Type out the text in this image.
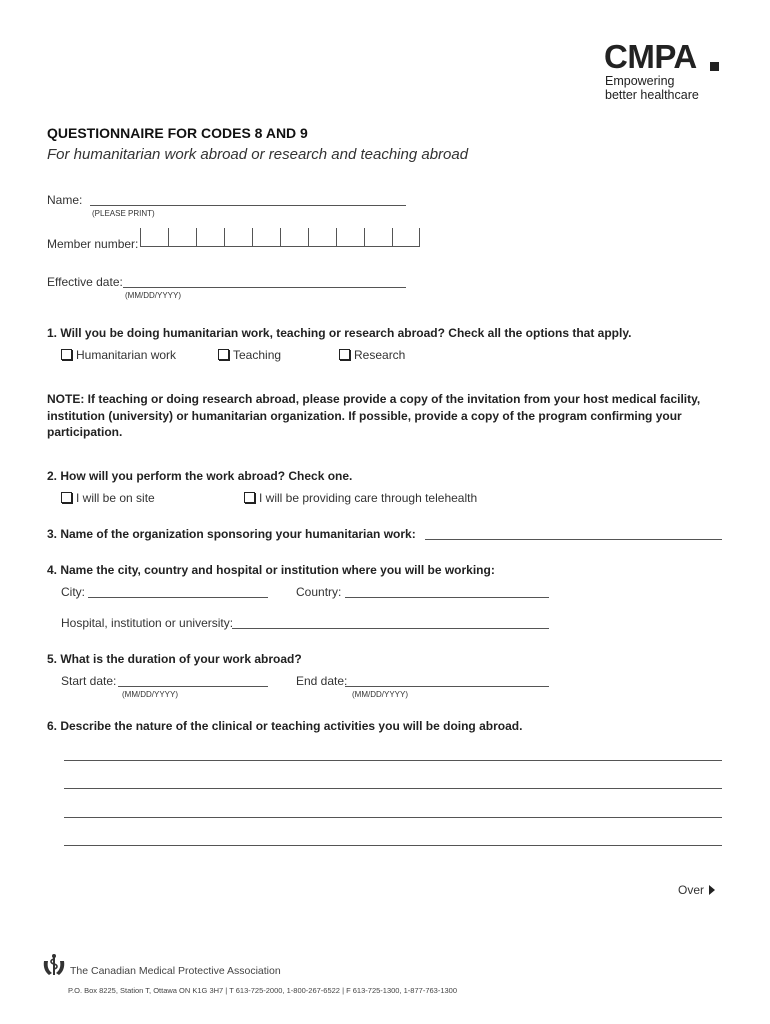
CMPA
Empowering
better healthcare
QUESTIONNAIRE FOR CODES 8 AND 9
For humanitarian work abroad or research and teaching abroad
Name:
(PLEASE PRINT)
Member number:
Effective date:
(MM/DD/YYYY)
1. Will you be doing humanitarian work, teaching or research abroad? Check all the options that apply.
Humanitarian work	Teaching	Research
NOTE: If teaching or doing research abroad, please provide a copy of the invitation from your host medical facility, institution (university) or humanitarian organization. If possible, provide a copy of the program confirming your participation.
2. How will you perform the work abroad? Check one.
I will be on site	I will be providing care through telehealth
3. Name of the organization sponsoring your humanitarian work:
4. Name the city, country and hospital or institution where you will be working:
City:	Country:
Hospital, institution or university:
5. What is the duration of your work abroad?
Start date:
(MM/DD/YYYY)
End date:
(MM/DD/YYYY)
6. Describe the nature of the clinical or teaching activities you will be doing abroad.
Over
The Canadian Medical Protective Association
P.O. Box 8225, Station T, Ottawa ON K1G 3H7 | T 613-725-2000, 1-800-267-6522 | F 613-725-1300, 1-877-763-1300
